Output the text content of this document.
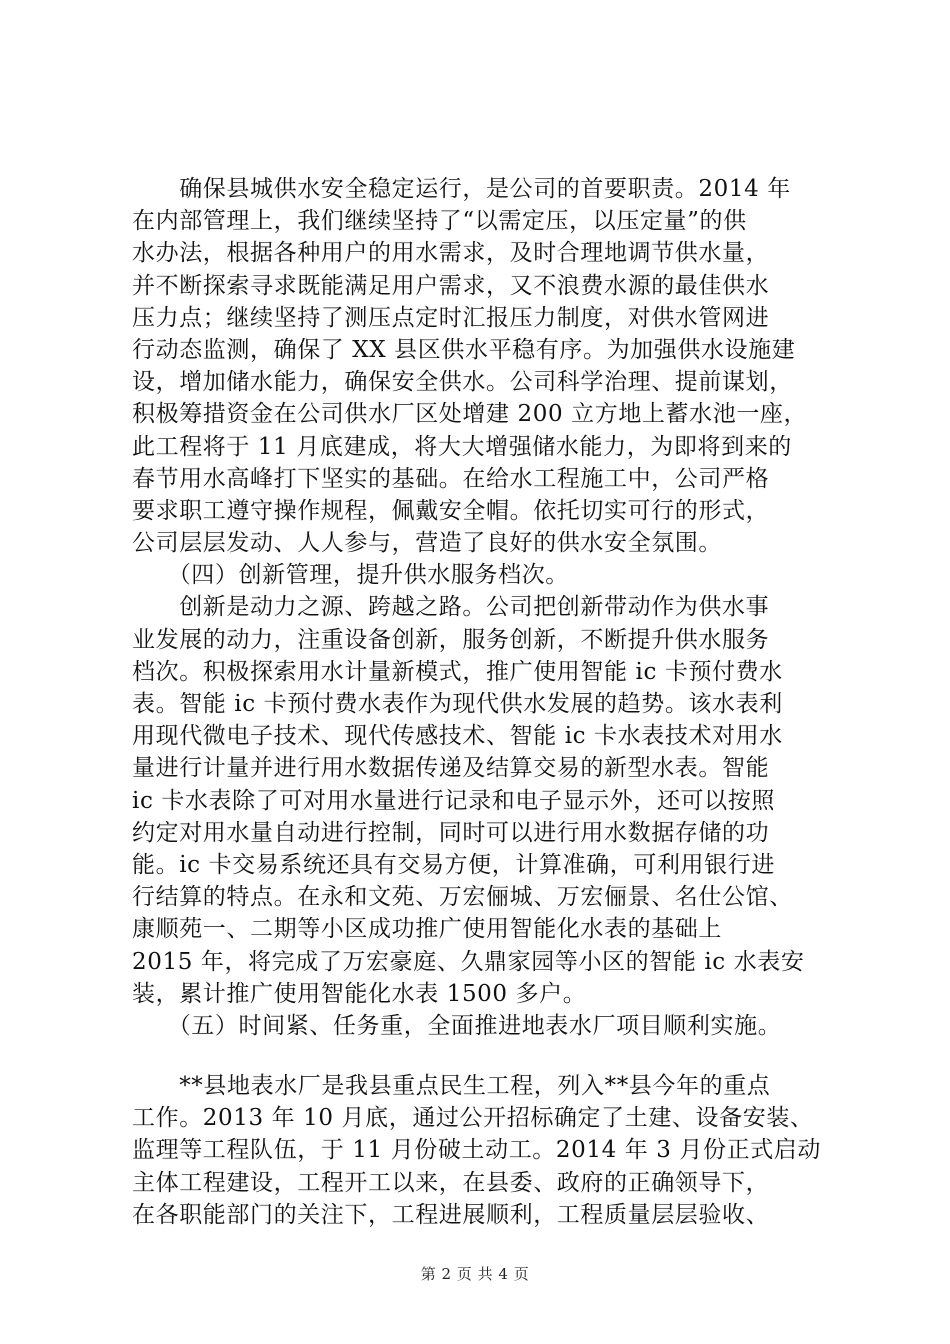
　　确保县城供水安全稳定运行，是公司的首要职责。2014 年
在内部管理上，我们继续坚持了“以需定压，以压定量”的供
水办法，根据各种用户的用水需求，及时合理地调节供水量，
并不断探索寻求既能满足用户需求，又不浪费水源的最佳供水
压力点；继续坚持了测压点定时汇报压力制度，对供水管网进
行动态监测，确保了 XX 县区供水平稳有序。为加强供水设施建
设，增加储水能力，确保安全供水。公司科学治理、提前谋划，
积极筹措资金在公司供水厂区处增建 200 立方地上蓄水池一座，
此工程将于 11 月底建成，将大大增强储水能力，为即将到来的
春节用水高峰打下坚实的基础。在给水工程施工中，公司严格
要求职工遵守操作规程，佩戴安全帽。依托切实可行的形式，
公司层层发动、人人参与，营造了良好的供水安全氛围。
　　（四）创新管理，提升供水服务档次。
　　创新是动力之源、跨越之路。公司把创新带动作为供水事
业发展的动力，注重设备创新，服务创新，不断提升供水服务
档次。积极探索用水计量新模式，推广使用智能 ic 卡预付费水
表。智能 ic 卡预付费水表作为现代供水发展的趋势。该水表利
用现代微电子技术、现代传感技术、智能 ic 卡水表技术对用水
量进行计量并进行用水数据传递及结算交易的新型水表。智能
ic 卡水表除了可对用水量进行记录和电子显示外，还可以按照
约定对用水量自动进行控制，同时可以进行用水数据存储的功
能。ic 卡交易系统还具有交易方便，计算准确，可利用银行进
行结算的特点。在永和文苑、万宏俪城、万宏俪景、名仕公馆、
康顺苑一、二期等小区成功推广使用智能化水表的基础上
2015 年，将完成了万宏豪庭、久鼎家园等小区的智能 ic 水表安
装，累计推广使用智能化水表 1500 多户。
　　（五）时间紧、任务重，全面推进地表水厂项目顺利实施。
　　**县地表水厂是我县重点民生工程，列入**县今年的重点
工作。2013 年 10 月底，通过公开招标确定了土建、设备安装、
监理等工程队伍，于 11 月份破土动工。2014 年 3 月份正式启动
主体工程建设，工程开工以来，在县委、政府的正确领导下，
在各职能部门的关注下，工程进展顺利，工程质量层层验收、
第 2 页 共 4 页
